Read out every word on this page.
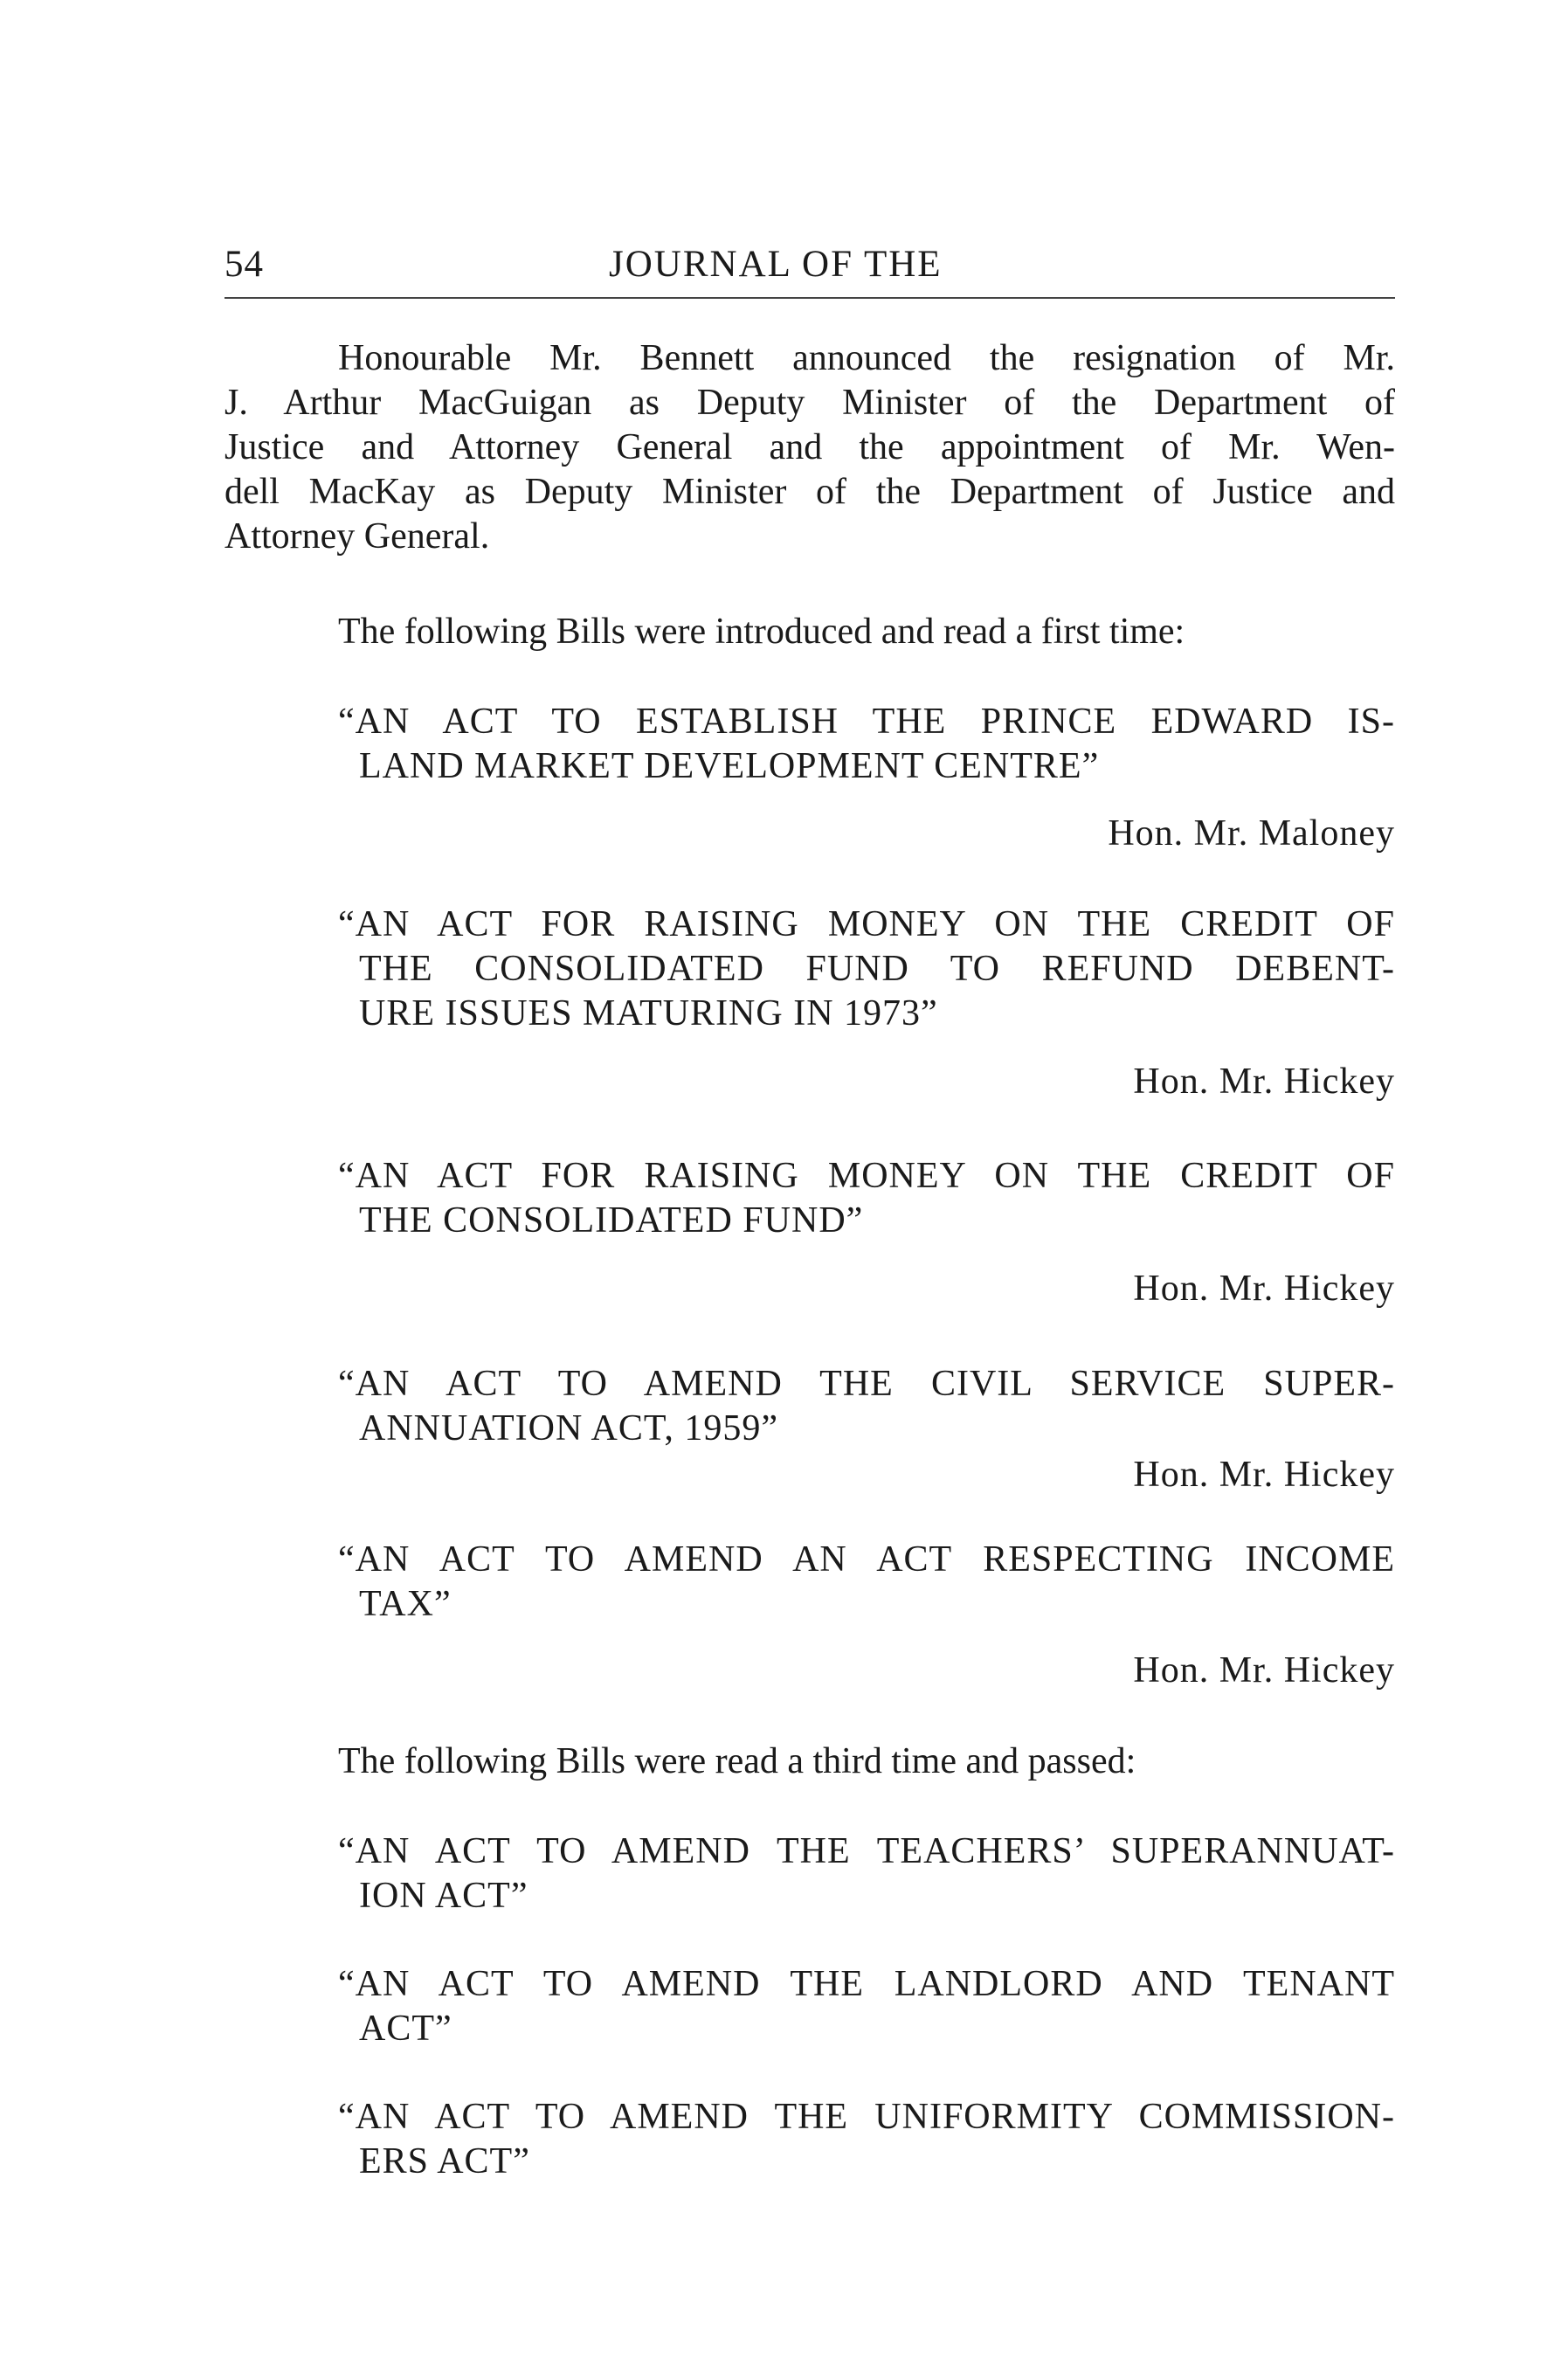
54	JOURNAL OF THE
Honourable Mr. Bennett announced the resignation of Mr.
J. Arthur MacGuigan as Deputy Minister of the Department of
Justice and Attorney General and the appointment of Mr. Wen-
dell MacKay as Deputy Minister of the Department of Justice and
Attorney General.

The following Bills were introduced and read a first time:

“AN ACT TO ESTABLISH THE PRINCE EDWARD IS-
LAND MARKET DEVELOPMENT CENTRE”
Hon. Mr. Maloney
“AN ACT FOR RAISING MONEY ON THE CREDIT OF
THE CONSOLIDATED FUND TO REFUND DEBENT-
URE ISSUES MATURING IN 1973”
Hon. Mr. Hickey
“AN ACT FOR RAISING MONEY ON THE CREDIT OF
THE CONSOLIDATED FUND”
Hon. Mr. Hickey
“AN ACT TO AMEND THE CIVIL SERVICE SUPER-
ANNUATION ACT, 1959”
Hon. Mr. Hickey
“AN ACT TO AMEND AN ACT RESPECTING INCOME
TAX”
Hon. Mr. Hickey

The following Bills were read a third time and passed:

“AN ACT TO AMEND THE TEACHERS’ SUPERANNUAT-
ION ACT”
“AN ACT TO AMEND THE LANDLORD AND TENANT
ACT”
“AN ACT TO AMEND THE UNIFORMITY COMMISSION-
ERS ACT”
